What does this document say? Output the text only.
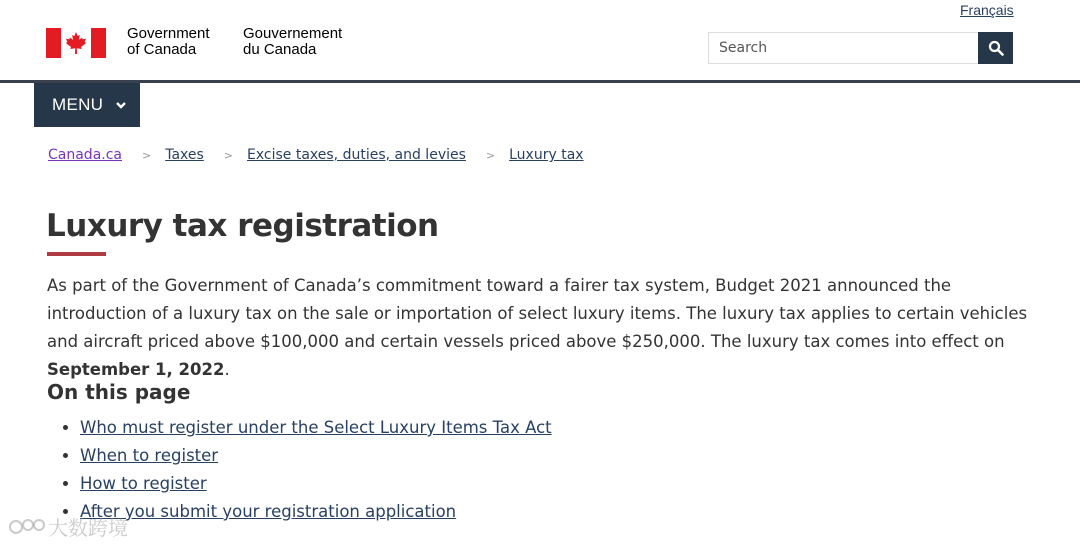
Français
Government
of Canada
Gouvernement
du Canada
Search
MENU
Canada.ca > Taxes > Excise taxes, duties, and levies > Luxury tax
Luxury tax registration

As part of the Government of Canada’s commitment toward a fairer tax system, Budget 2021 announced the introduction of a luxury tax on the sale or importation of select luxury items. The luxury tax applies to certain vehicles and aircraft priced above $100,000 and certain vessels priced above $250,000. The luxury tax comes into effect on September 1, 2022.

On this page
• Who must register under the Select Luxury Items Tax Act
• When to register
• How to register
• After you submit your registration application
大数跨境
